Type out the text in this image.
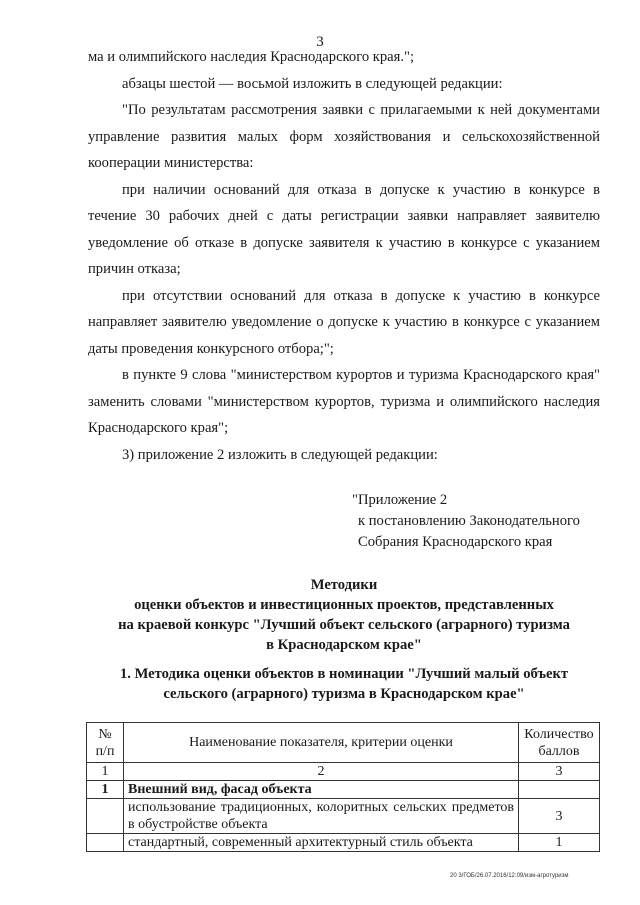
3

ма и олимпийского наследия Краснодарского края.";

абзацы шестой — восьмой изложить в следующей редакции:

"По результатам рассмотрения заявки с прилагаемыми к ней документами управление развития малых форм хозяйствования и сельскохозяйственной кооперации министерства:

при наличии оснований для отказа в допуске к участию в конкурсе в течение 30 рабочих дней с даты регистрации заявки направляет заявителю уведомление об отказе в допуске заявителя к участию в конкурсе с указанием причин отказа;

при отсутствии оснований для отказа в допуске к участию в конкурсе направляет заявителю уведомление о допуске к участию в конкурсе с указанием даты проведения конкурсного отбора;";

в пункте 9 слова "министерством курортов и туризма Краснодарского края" заменить словами "министерством курортов, туризма и олимпийского наследия Краснодарского края";

3) приложение 2 изложить в следующей редакции:

"Приложение 2
к постановлению Законодательного
Собрания Краснодарского края
Методики
оценки объектов и инвестиционных проектов, представленных
на краевой конкурс "Лучший объект сельского (аграрного) туризма
в Краснодарском крае"
1. Методика оценки объектов в номинации "Лучший малый объект
сельского (аграрного) туризма в Краснодарском крае"
№ п/п	Наименование показателя, критерии оценки	Количество баллов
1	2	3
1	Внешний вид, фасад объекта	
	использование традиционных, колоритных сельских предметов в обустройстве объекта	3
	стандартный, современный архитектурный стиль объекта	1
20 3/ГОБ/26.07.2016/12:09/изм-агротуризм
